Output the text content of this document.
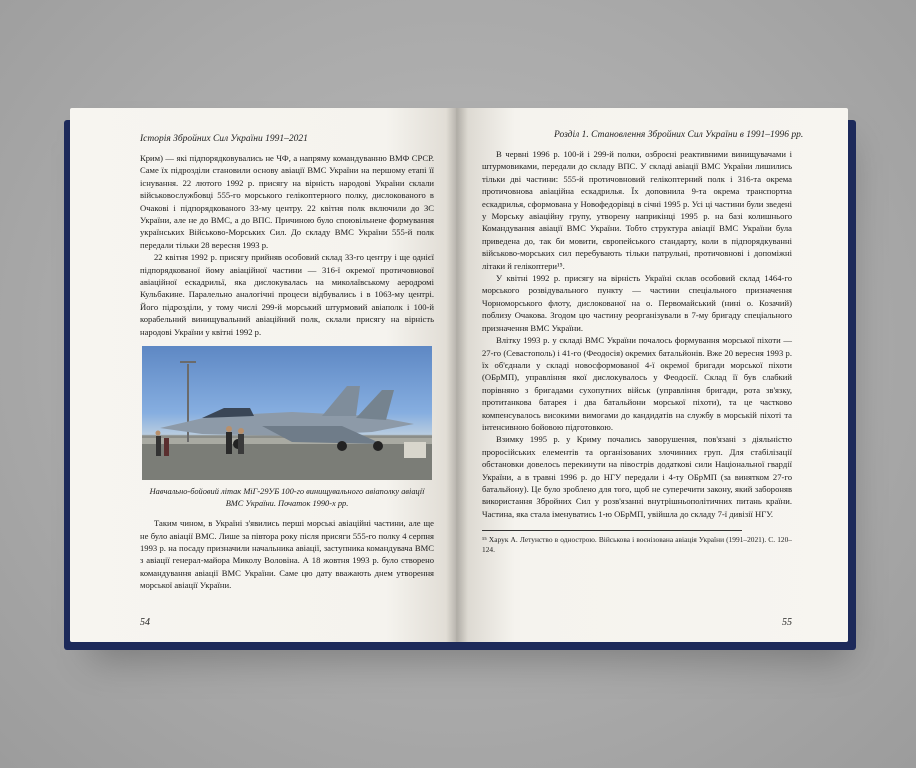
Історія Збройних Сил України 1991–2021

Крим) — які підпорядковувались не ЧФ, а напряму командуванню ВМФ СРСР. Саме їх підрозділи становили основу авіації ВМС України на першому етапі її існування. 22 лютого 1992 р. присягу на вірність народові України склали військовослужбовці 555-го морського гелікоптерного полку, дислокованого в Очакові і підпорядкованого 33-му центру. 22 квітня полк включили до ЗС України, але не до ВМС, а до ВПС. Причиною було споювільнене формування українських Військово-Морських Сил. До складу ВМС України 555-й полк передали тільки 28 вересня 1993 р.

22 квітня 1992 р. присягу прийняв особовий склад 33-го центру і ще однієї підпорядкованої йому авіаційної частини — 316-ї окремої протичовнової авіаційної ескадрильї, яка дислокувалась на миколаївському аеродромі Кульбакине. Паралельно аналогічні процеси відбувались і в 1063-му центрі. Його підрозділи, у тому числі 299-й морський штурмовий авіаполк і 100-й корабельний винищувальний авіаційний полк, склали присягу на вірність народові України у квітні 1992 р.

Навчально-бойовий літак МіГ-29УБ 100-го винищувального авіаполку авіації ВМС України. Початок 1990-х рр.

Таким чином, в Україні з'явились перші морські авіаційні частини, але ще не було авіації ВМС. Лише за півтора року після присяги 555-го полку 4 серпня 1993 р. на посаду призначили начальника авіації, заступника командувача ВМС з авіації генерал-майора Миколу Воловіна. А 18 жовтня 1993 р. було створено командування авіації ВМС України. Саме цю дату вважають днем утворення морської авіації України.

54
Розділ 1. Становлення Збройних Сил України в 1991–1996 рр.

В червні 1996 р. 100-й і 299-й полки, озброєні реактивними винищувачами і штурмовиками, передали до складу ВПС. У складі авіації ВМС України лишились тільки дві частини: 555-й протичовновий гелікоптерний полк і 316-та окрема протичовнова авіаційна ескадрилья. Їх доповнила 9-та окрема транспортна ескадрилья, сформована у Новофедорівці в січні 1995 р. Усі ці частини були зведені у Морську авіаційну групу, утворену наприкінці 1995 р. на базі колишнього Командування авіації ВМС України. Тобто структура авіації ВМС України була приведена до, так би мовити, європейського стандарту, коли в підпорядкуванні військово-морських сил перебувають тільки патрульні, протичовнові і допоміжні літаки й гелікоптери¹⁵.

У квітні 1992 р. присягу на вірність Україні склав особовий склад 1464-го морського розвідувального пункту — частини спеціального призначення Чорноморського флоту, дислокованої на о. Первомайський (нині о. Козачий) поблизу Очакова. Згодом цю частину реорганізували в 7-му бригаду спеціального призначення ВМС України.

Влітку 1993 р. у складі ВМС України почалось формування морської піхоти — 27-го (Севастополь) і 41-го (Феодосія) окремих батальйонів. Вже 20 вересня 1993 р. їх об'єднали у складі новосформованої 4-ї окремої бригади морської піхоти (ОБрМП), управління якої дислокувалось у Феодосії. Склад її був слабкий порівняно з бригадами сухопутних військ (управління бригади, рота зв'язку, протитанкова батарея і два батальйони морської піхоти), та це частково компенсувалось високими вимогами до кандидатів на службу в морській піхоті та інтенсивною бойовою підготовкою.

Взимку 1995 р. у Криму почались заворушення, пов'язані з діяльністю проросійських елементів та організованих злочинних груп. Для стабілізації обстановки довелось перекинути на півострів додаткові сили Національної гвардії України, а в травні 1996 р. до НГУ передали і 4-ту ОБрМП (за винятком 27-го батальйону). Це було зроблено для того, щоб не суперечити закону, який забороняв використання Збройних Сил у розв'язанні внутрішньополітичних питань країни. Частина, яка стала іменуватись 1-ю ОБрМП, увійшла до складу 7-ї дивізії НГУ.

¹⁵ Харук А. Летунство в однострою. Військова і воєнізована авіація України (1991–2021). С. 120–124.
55
